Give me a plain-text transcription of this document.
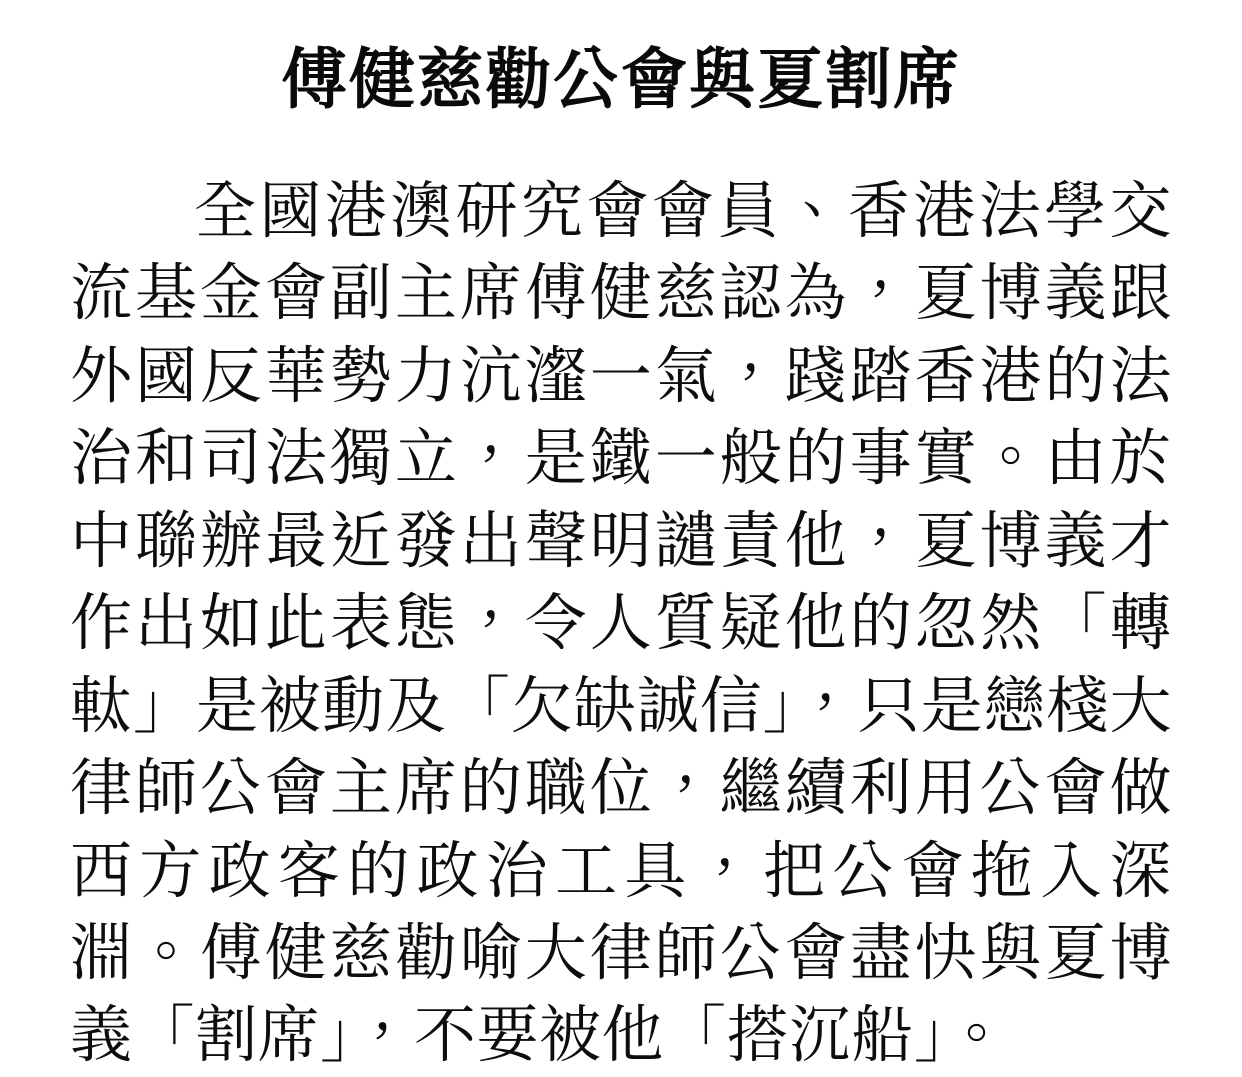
傅健慈勸公會與夏割席

全國港澳研究會會員、香港法學交流基金會副主席傅健慈認為，夏博義跟外國反華勢力沆瀣一氣，踐踏香港的法治和司法獨立，是鐵一般的事實。由於中聯辦最近發出聲明譴責他，夏博義才作出如此表態，令人質疑他的忽然「轉軚」是被動及「欠缺誠信」，只是戀棧大律師公會主席的職位，繼續利用公會做西方政客的政治工具，把公會拖入深淵。傅健慈勸喻大律師公會盡快與夏博義「割席」，不要被他「搭沉船」。
